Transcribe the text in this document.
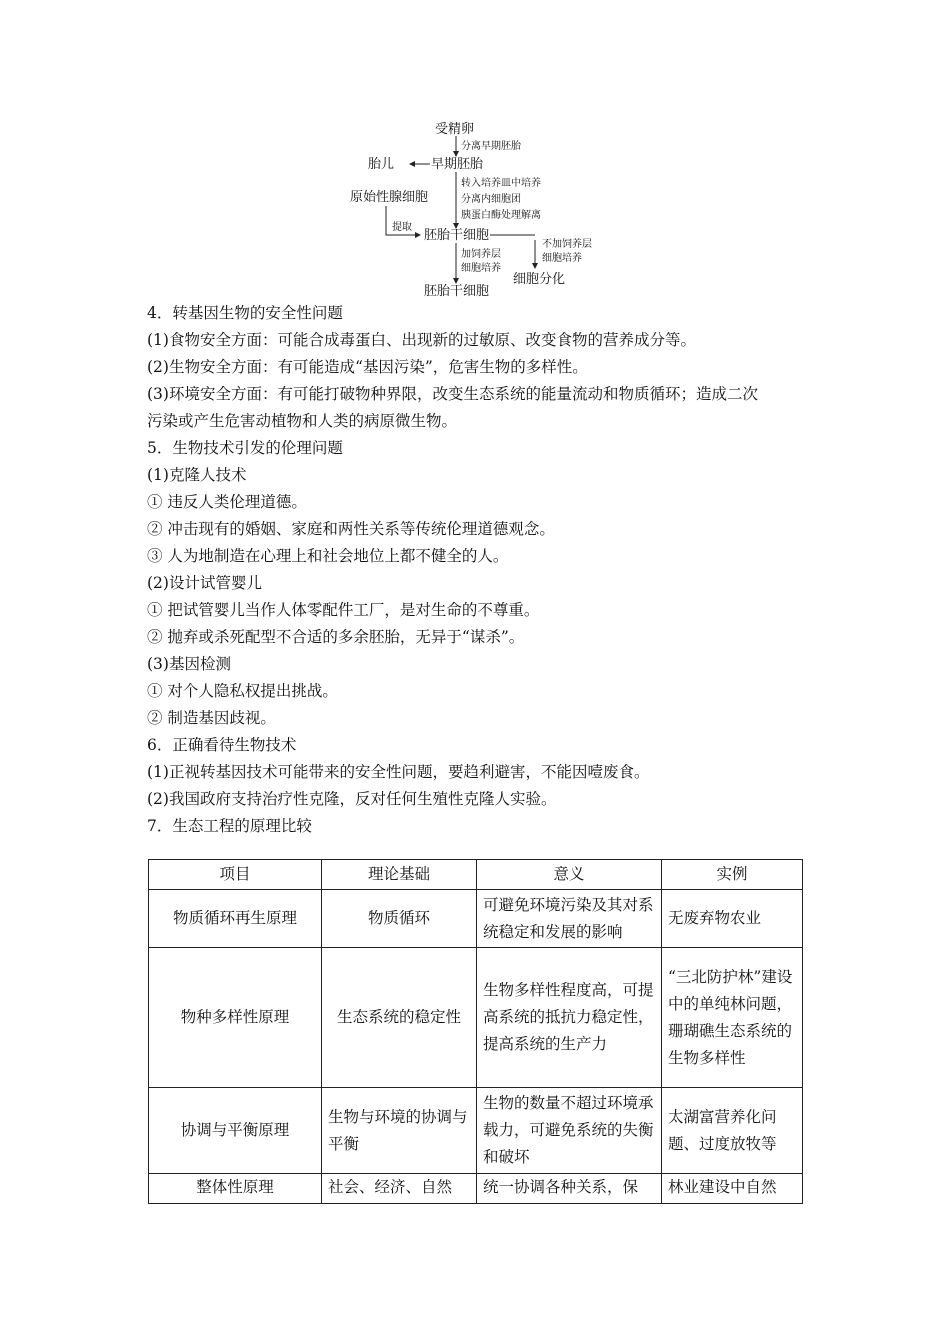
受精卵
分离早期胚胎
胎儿	早期胚胎
原始性腺细胞
转入培养皿中培养
分离内细胞团
胰蛋白酶处理解离
提取
胚胎干细胞
加饲养层
细胞培养
不加饲养层
细胞培养
细胞分化
胚胎干细胞
4．转基因生物的安全性问题
(1)食物安全方面：可能合成毒蛋白、出现新的过敏原、改变食物的营养成分等。
(2)生物安全方面：有可能造成“基因污染”，危害生物的多样性。
(3)环境安全方面：有可能打破物种界限，改变生态系统的能量流动和物质循环；造成二次
污染或产生危害动植物和人类的病原微生物。
5．生物技术引发的伦理问题
(1)克隆人技术
① 违反人类伦理道德。
② 冲击现有的婚姻、家庭和两性关系等传统伦理道德观念。
③ 人为地制造在心理上和社会地位上都不健全的人。
(2)设计试管婴儿
① 把试管婴儿当作人体零配件工厂，是对生命的不尊重。
② 抛弃或杀死配型不合适的多余胚胎，无异于“谋杀”。
(3)基因检测
① 对个人隐私权提出挑战。
② 制造基因歧视。
6．正确看待生物技术
(1)正视转基因技术可能带来的安全性问题，要趋利避害，不能因噎废食。
(2)我国政府支持治疗性克隆，反对任何生殖性克隆人实验。
7．生态工程的原理比较
项目	理论基础	意义	实例
物质循环再生原理	物质循环	可避免环境污染及其对系统稳定和发展的影响	无废弃物农业
物种多样性原理	生态系统的稳定性	生物多样性程度高，可提高系统的抵抗力稳定性，提高系统的生产力	“三北防护林”建设中的单纯林问题，珊瑚礁生态系统的生物多样性
协调与平衡原理	生物与环境的协调与平衡	生物的数量不超过环境承载力，可避免系统的失衡和破坏	太湖富营养化问题、过度放牧等
整体性原理	社会、经济、自然	统一协调各种关系，保	林业建设中自然
